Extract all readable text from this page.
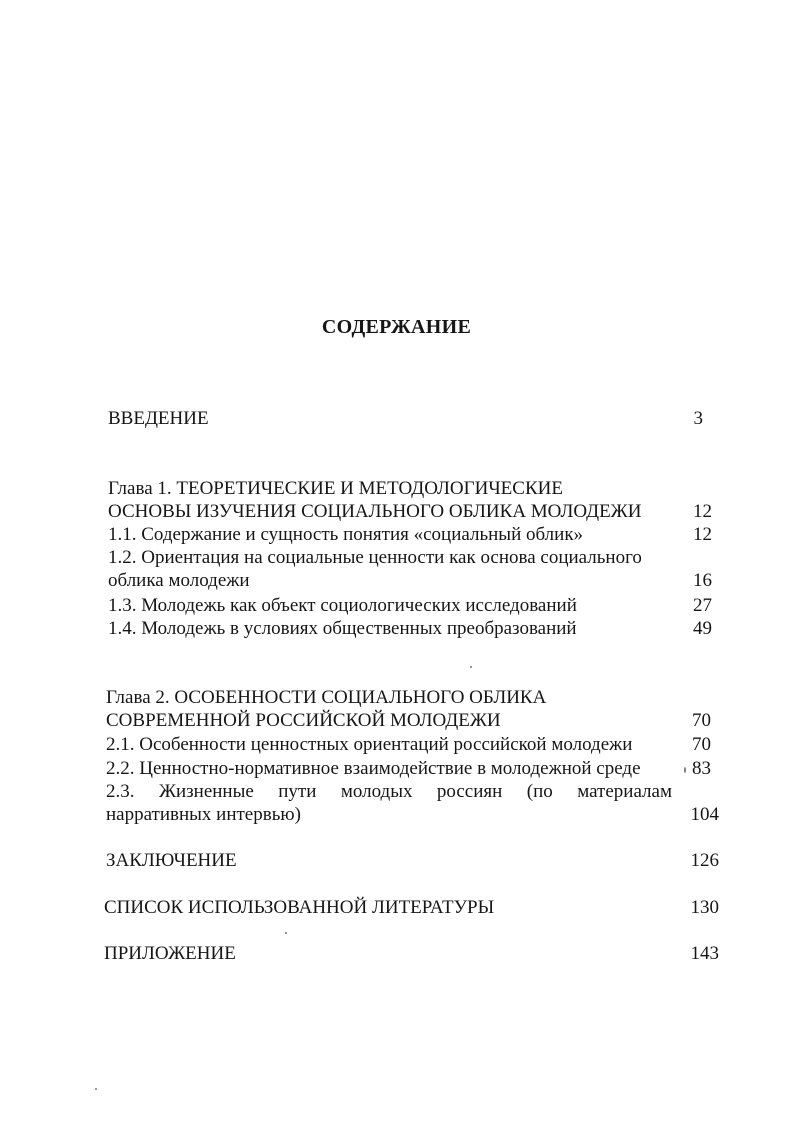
СОДЕРЖАНИЕ
ВВЕДЕНИЕ	3
Глава 1. ТЕОРЕТИЧЕСКИЕ И МЕТОДОЛОГИЧЕСКИЕ
ОСНОВЫ ИЗУЧЕНИЯ СОЦИАЛЬНОГО ОБЛИКА МОЛОДЕЖИ	12
1.1. Содержание и сущность понятия «социальный облик»	12
1.2. Ориентация на социальные ценности как основа социального
облика молодежи	16
1.3. Молодежь как объект социологических исследований	27
1.4. Молодежь в условиях общественных преобразований	49
Глава 2. ОСОБЕННОСТИ СОЦИАЛЬНОГО ОБЛИКА
СОВРЕМЕННОЙ РОССИЙСКОЙ МОЛОДЕЖИ	70
2.1. Особенности ценностных ориентаций российской молодежи	70
2.2. Ценностно-нормативное взаимодействие в молодежной среде	83
2.3. Жизненные пути молодых россиян (по материалам
нарративных интервью)	104
ЗАКЛЮЧЕНИЕ	126
СПИСОК ИСПОЛЬЗОВАННОЙ ЛИТЕРАТУРЫ	130
ПРИЛОЖЕНИЕ	143
